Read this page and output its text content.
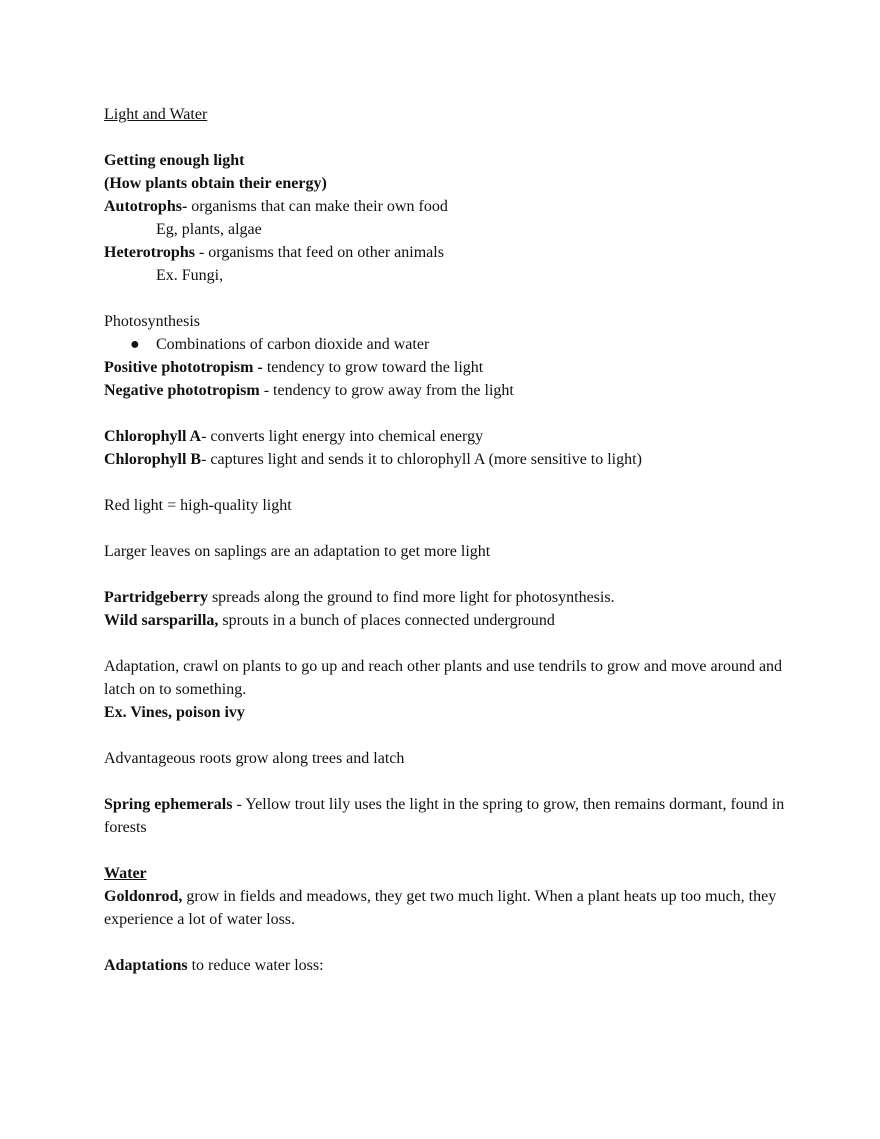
Light and Water
Getting enough light
(How plants obtain their energy)
Autotrophs- organisms that can make their own food
Eg, plants, algae
Heterotrophs - organisms that feed on other animals
Ex. Fungi,
Photosynthesis
● Combinations of carbon dioxide and water
Positive phototropism - tendency to grow toward the light
Negative phototropism - tendency to grow away from the light
Chlorophyll A- converts light energy into chemical energy
Chlorophyll B- captures light and sends it to chlorophyll A (more sensitive to light)
Red light = high-quality light
Larger leaves on saplings are an adaptation to get more light
Partridgeberry spreads along the ground to find more light for photosynthesis.
Wild sarsparilla, sprouts in a bunch of places connected underground
Adaptation, crawl on plants to go up and reach other plants and use tendrils to grow and move around and latch on to something.
Ex. Vines, poison ivy
Advantageous roots grow along trees and latch
Spring ephemerals - Yellow trout lily uses the light in the spring to grow, then remains dormant, found in forests
Water
Goldonrod, grow in fields and meadows, they get two much light. When a plant heats up too much, they experience a lot of water loss.
Adaptations to reduce water loss:
